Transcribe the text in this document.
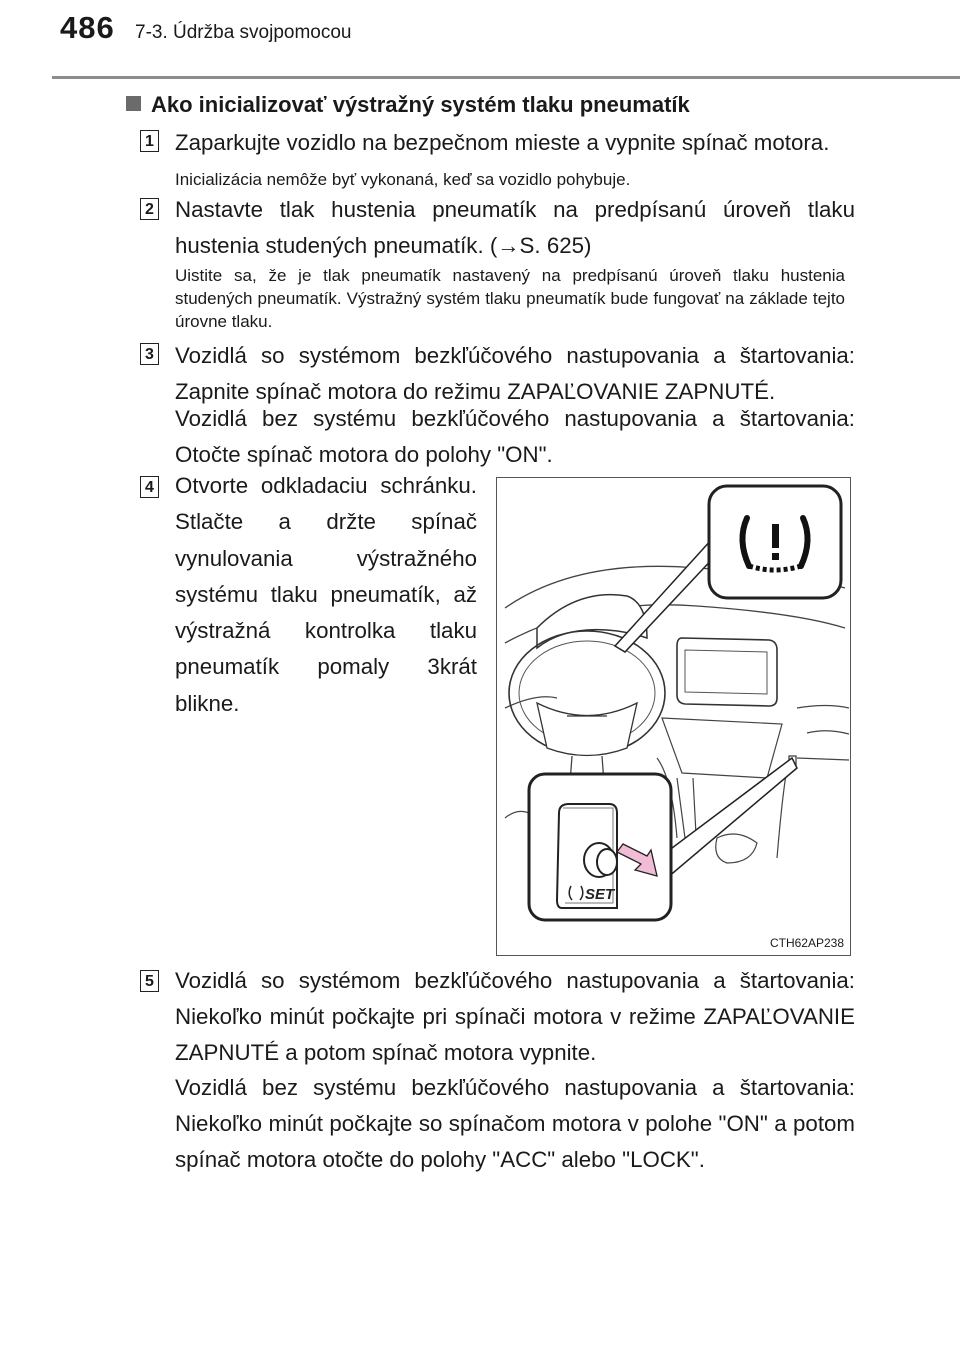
486 7-3. Údržba svojpomocou
Ako inicializovať výstražný systém tlaku pneumatík
1 Zaparkujte vozidlo na bezpečnom mieste a vypnite spínač motora.
Inicializácia nemôže byť vykonaná, keď sa vozidlo pohybuje.
2 Nastavte tlak hustenia pneumatík na predpísanú úroveň tlaku
hustenia studených pneumatík. (→S. 625)
Uistite sa, že je tlak pneumatík nastavený na predpísanú úroveň tlaku hustenia studených pneumatík. Výstražný systém tlaku pneumatík bude fungovať na základe tejto úrovne tlaku.
3 Vozidlá so systémom bezkľúčového nastupovania a štartovania: Zapnite spínač motora do režimu ZAPAĽOVANIE ZAPNUTÉ.
Vozidlá bez systému bezkľúčového nastupovania a štartovania: Otočte spínač motora do polohy "ON".
4 Otvorte odkladaciu schránku. Stlačte a držte spínač vynulovania výstražného systému tlaku pneumatík, až výstražná kontrolka tlaku pneumatík pomaly 3krát blikne.
SET
CTH62AP238
5 Vozidlá so systémom bezkľúčového nastupovania a štartovania: Niekoľko minút počkajte pri spínači motora v režime ZAPAĽOVANIE ZAPNUTÉ a potom spínač motora vypnite.
Vozidlá bez systému bezkľúčového nastupovania a štartovania: Niekoľko minút počkajte so spínačom motora v polohe "ON" a potom spínač motora otočte do polohy "ACC" alebo "LOCK".
